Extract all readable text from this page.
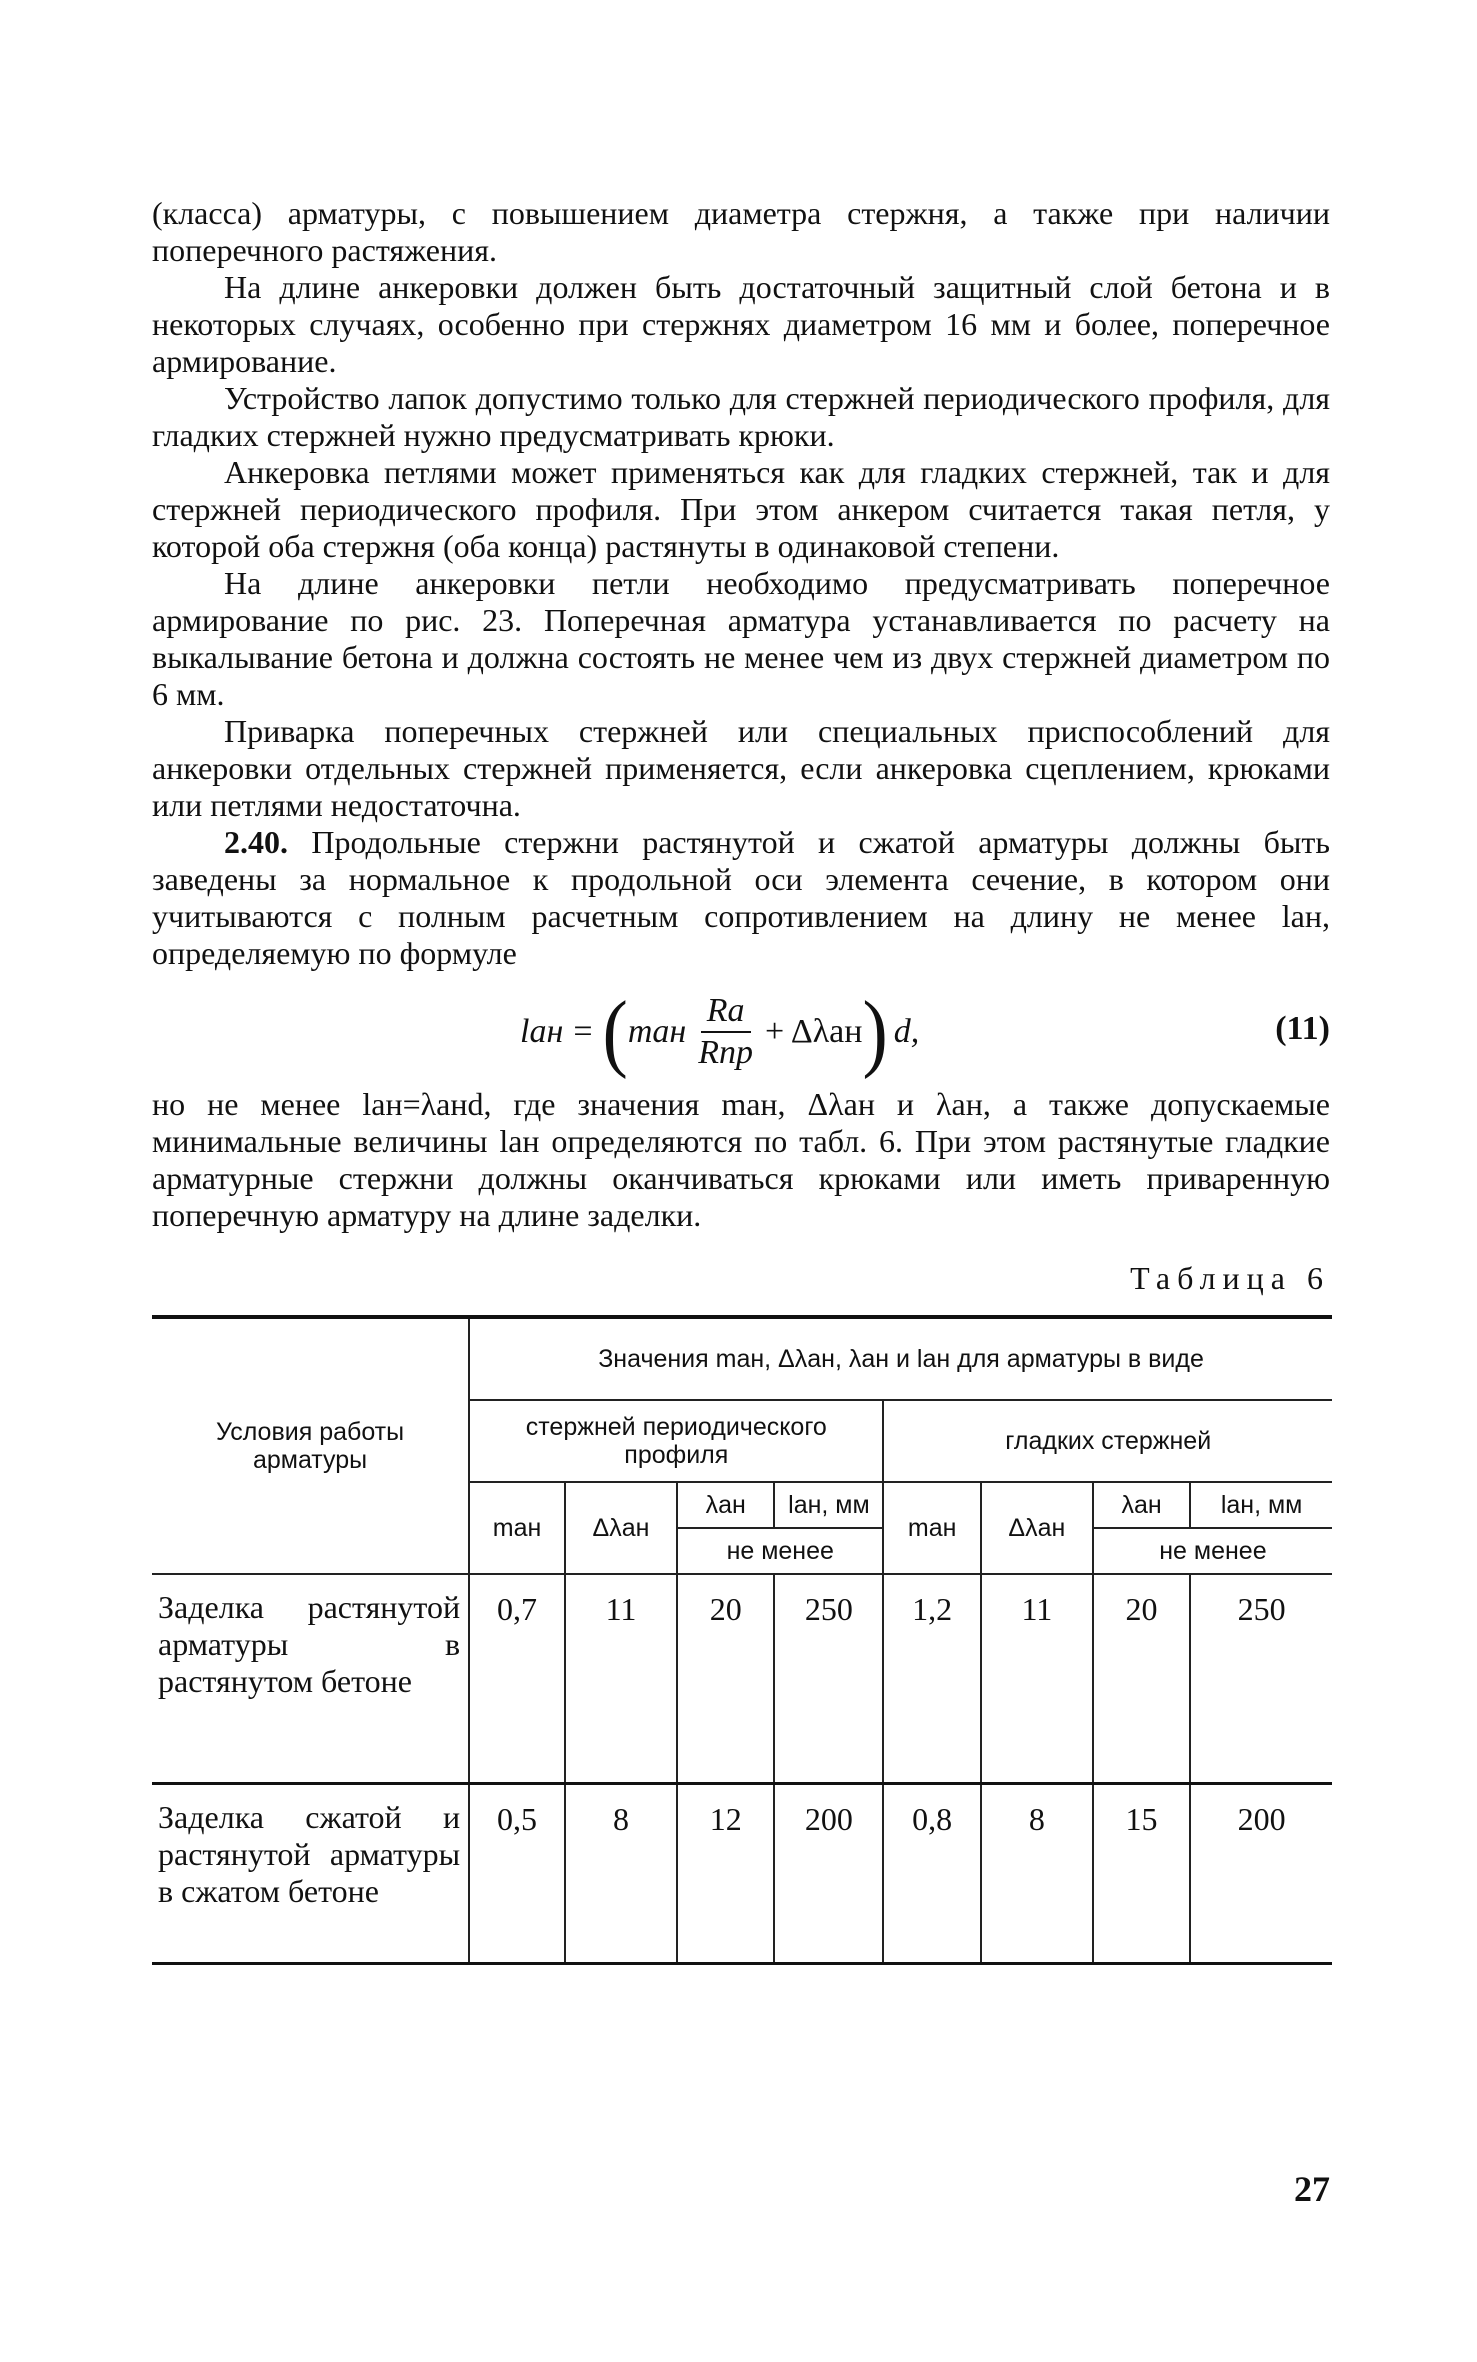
(класса) арматуры, с повышением диаметра стержня, а также при наличии поперечного растяжения.

На длине анкеровки должен быть достаточный защитный слой бетона и в некоторых случаях, особенно при стержнях диаметром 16 мм и более, поперечное армирование.

Устройство лапок допустимо только для стержней периодического профиля, для гладких стержней нужно предусматривать крюки.

Анкеровка петлями может применяться как для гладких стержней, так и для стержней периодического профиля. При этом анкером считается такая петля, у которой оба стержня (оба конца) растянуты в одинаковой степени.

На длине анкеровки петли необходимо предусматривать поперечное армирование по рис. 23. Поперечная арматура устанавливается по расчету на выкалывание бетона и должна состоять не менее чем из двух стержней диаметром по 6 мм.

Приварка поперечных стержней или специальных приспособлений для анкеровки отдельных стержней применяется, если анкеровка сцеплением, крюками или петлями недостаточна.

2.40. Продольные стержни растянутой и сжатой арматуры должны быть заведены за нормальное к продольной оси элемента сечение, в котором они учитываются с полным расчетным сопротивлением на длину не менее lан, определяемую по формуле

lан = ( mан $\frac{Rа}{\text{Rпр}} + \Delta\lambda ан$ ) d,	(11)

но не менее lан=λанd, где значения mан, Δλан и λан, а также допускаемые минимальные величины lан определяются по табл. 6. При этом растянутые гладкие арматурные стержни должны оканчиваться крюками или иметь приваренную поперечную арматуру на длине заделки.

Таблица 6
Условия работы арматуры	Значения mан, Δλан, λан и lан для арматуры в виде							
	стержней периодического профиля				гладких стержней			
	mан	Δλан	λан	lан, мм	mан	Δλан	λан	lан, мм
			не менее				не менее	
Заделка растянутой арматуры в растянутом бетоне	0,7	11	20	250	1,2	11	20	250
Заделка сжатой и растянутой арматуры в сжатом бетоне	0,5	8	12	200	0,8	8	15	200
27
